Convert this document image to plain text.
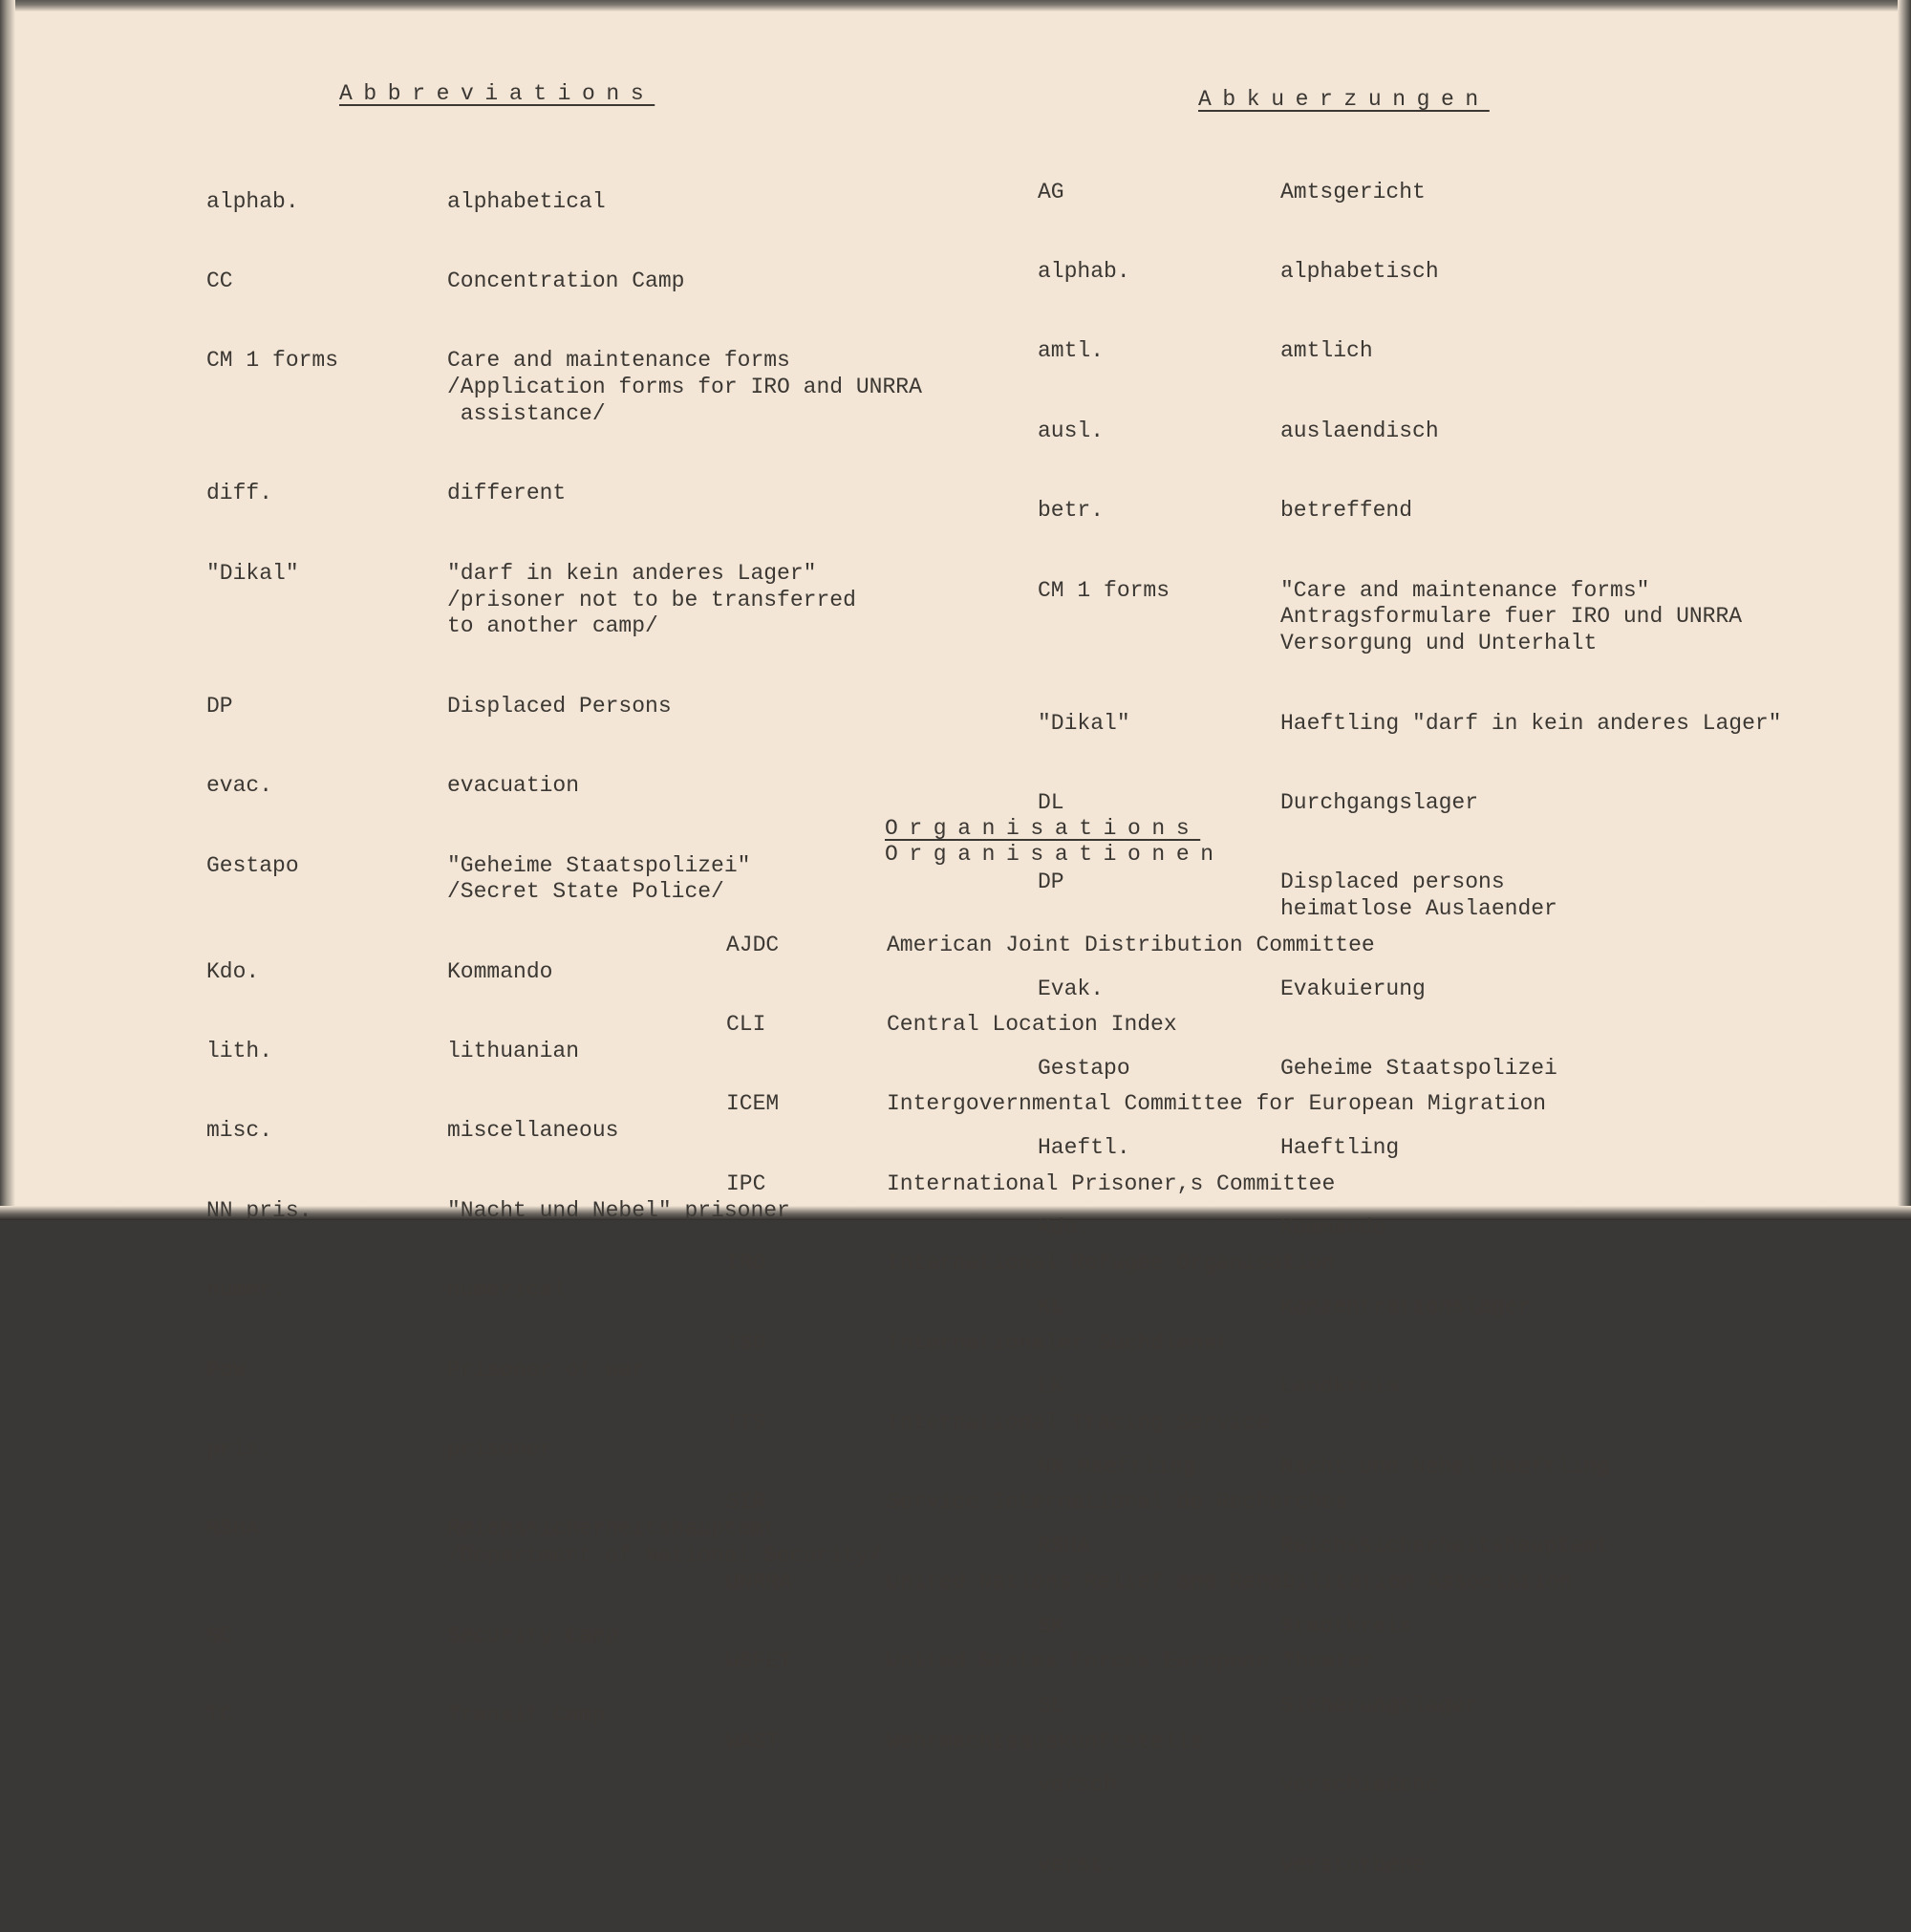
Abbreviations

alphab.

CC

CM 1 forms

diff.

"Dikal"

DP

evac.

Gestapo

Kdo.

lith.

misc.

NN pris.

numer.

PoW

pris.

RSHA

SC

TC

alphabetical

Concentration Camp

Care and maintenance forms
/Application forms for IRO and UNRRA
assistance/

different

"darf in kein anderes Lager"
/prisoner not to be transferred
to another camp/

Displaced Persons

evacuation

"Geheime Staatspolizei"
/Secret State Police/

Kommando

lithuanian

miscellaneous

"Nacht und Nebel" prisoner

numerical

Prisoner of war

prisoner

Reichssicherheitshauptamt
/Department of National Security/

Security Camp

Transit Camp

Abkuerzungen

AG

alphab.

amtl.

ausl.

betr.

CM 1 forms

"Dikal"

DL

DP

Evak.

Gestapo

Haeftl.

Kdo.

KL

LK

NN Haeftling

RSHA

SK

SL

versch.

verst.

Amtsgericht

alphabetisch

amtlich

auslaendisch

betreffend

"Care and maintenance forms"
Antragsformulare fuer IRO und UNRRA
Versorgung und Unterhalt

Haeftling "darf in kein anderes Lager"

Durchgangslager

Displaced persons
heimatlose Auslaender

Evakuierung

Geheime Staatspolizei

Haeftling

Kommando

Konzentrationslager

Landkreis

Nacht und Nebel Haeftling

Reichssicherheitshauptamt

Stadtkreis

Sicherungslager

verschiedene

verstorbene

Organisations
Organisationen

AJDC

CLI

ICEM

IPC

IRO

ISD

ITS

SIR

UNRRA

USFET

WAST

American Joint Distribution Committee

Central Location Index

Intergovernmental Committee for European Migration

International Prisoner,s Committee

International Refugee Organisation

Internationaler Suchdienst

International Tracing Service

Service International de Recherches

United Nations Relief and Rehabilitation Association

United States Forces European Theater

Wehrmachtsauskunftstelle
